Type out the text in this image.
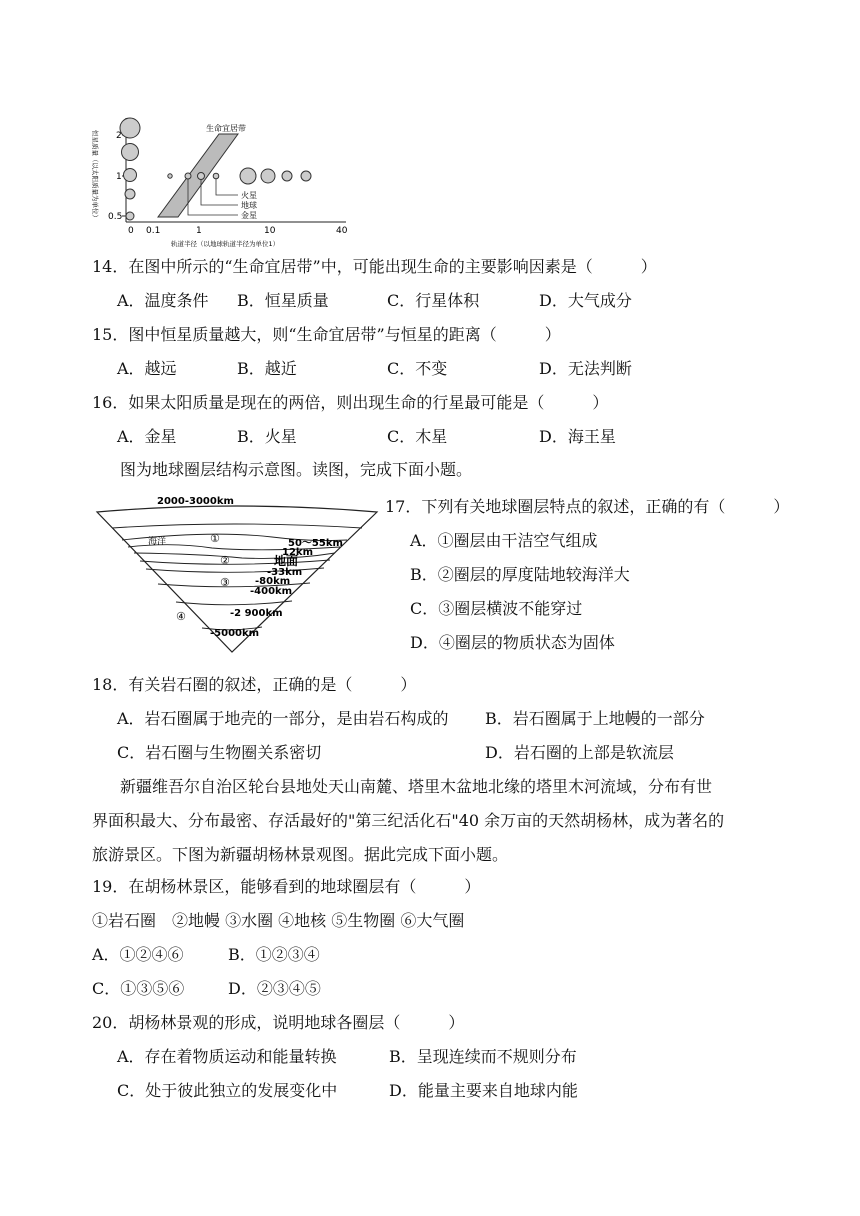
生命宜居带
火星
地球
金星
2
1
0.5
0 0.1	1	10	40
轨道半径（以地球轨道半径为单位1）
恒星质量（以太阳质量为单位）
14．在图中所示的“生命宜居带”中，可能出现生命的主要影响因素是（　　　）
A．温度条件 B．恒星质量	C．行星体积	D．大气成分
15．图中恒星质量越大，则“生命宜居带”与恒星的距离（　　　）
A．越远	B．越近	C．不变	D．无法判断
16．如果太阳质量是现在的两倍，则出现生命的行星最可能是（　　　）
A．金星	B．火星	C．木星	D．海王星
图为地球圈层结构示意图。读图，完成下面小题。
2000-3000km
海洋	①
②
③
④
50～55km
12km
地面
-33km
-80km
-400km
-2 900km
-5000km
17．下列有关地球圈层特点的叙述，正确的有（　　　）
A．①圈层由干洁空气组成
B．②圈层的厚度陆地较海洋大
C．③圈层横波不能穿过
D．④圈层的物质状态为固体
18．有关岩石圈的叙述，正确的是（　　　）
A．岩石圈属于地壳的一部分，是由岩石构成的 B．岩石圈属于上地幔的一部分
C．岩石圈与生物圈关系密切	D．岩石圈的上部是软流层
新疆维吾尔自治区轮台县地处天山南麓、塔里木盆地北缘的塔里木河流域，分布有世
界面积最大、分布最密、存活最好的"第三纪活化石"40 余万亩的天然胡杨林，成为著名的
旅游景区。下图为新疆胡杨林景观图。据此完成下面小题。
19．在胡杨林景区，能够看到的地球圈层有（　　　）
①岩石圈　②地幔 ③水圈 ④地核 ⑤生物圈 ⑥大气圈
A．①②④⑥	B．①②③④
C．①③⑤⑥	D．②③④⑤
20．胡杨林景观的形成，说明地球各圈层（　　　）
A．存在着物质运动和能量转换	B．呈现连续而不规则分布
C．处于彼此独立的发展变化中	D．能量主要来自地球内能
